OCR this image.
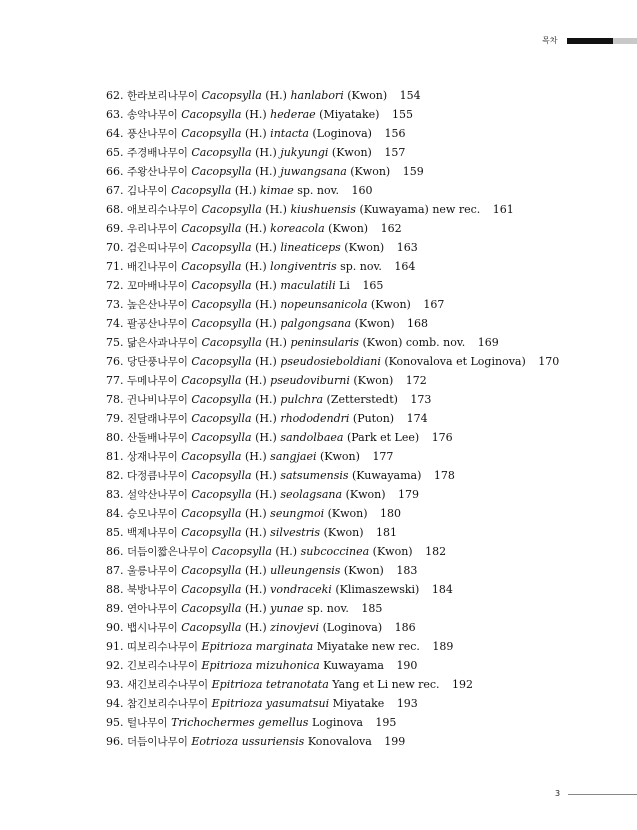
목차
62. 한라보리나무이 Cacopsylla (H.) hanlabori (Kwon) 154
63. 송악나무이 Cacopsylla (H.) hederae (Miyatake) 155
64. 풍산나무이 Cacopsylla (H.) intacta (Loginova) 156
65. 주경배나무이 Cacopsylla (H.) jukyungi (Kwon) 157
66. 주왕산나무이 Cacopsylla (H.) juwangsana (Kwon) 159
67. 김나무이 Cacopsylla (H.) kimae sp. nov. 160
68. 애보리수나무이 Cacopsylla (H.) kiushuensis (Kuwayama) new rec. 161
69. 우리나무이 Cacopsylla (H.) koreacola (Kwon) 162
70. 검은띠나무이 Cacopsylla (H.) lineaticeps (Kwon) 163
71. 배긴나무이 Cacopsylla (H.) longiventris sp. nov. 164
72. 꼬마배나무이 Cacopsylla (H.) maculatili Li 165
73. 높은산나무이 Cacopsylla (H.) nopeunsanicola (Kwon) 167
74. 팔공산나무이 Cacopsylla (H.) palgongsana (Kwon) 168
75. 닮은사과나무이 Cacopsylla (H.) peninsularis (Kwon) comb. nov. 169
76. 당단풍나무이 Cacopsylla (H.) pseudosieboldiani (Konovalova et Loginova) 170
77. 두메나무이 Cacopsylla (H.) pseudoviburni (Kwon) 172
78. 귄나비나무이 Cacopsylla (H.) pulchra (Zetterstedt) 173
79. 진달래나무이 Cacopsylla (H.) rhododendri (Puton) 174
80. 산돌배나무이 Cacopsylla (H.) sandolbaea (Park et Lee) 176
81. 상재나무이 Cacopsylla (H.) sangjaei (Kwon) 177
82. 다정큼나무이 Cacopsylla (H.) satsumensis (Kuwayama) 178
83. 설악산나무이 Cacopsylla (H.) seolagsana (Kwon) 179
84. 승모나무이 Cacopsylla (H.) seungmoi (Kwon) 180
85. 백제나무이 Cacopsylla (H.) silvestris (Kwon) 181
86. 더듬이짧은나무이 Cacopsylla (H.) subcoccinea (Kwon) 182
87. 울릉나무이 Cacopsylla (H.) ulleungensis (Kwon) 183
88. 북방나무이 Cacopsylla (H.) vondraceki (Klimaszewski) 184
89. 연아나무이 Cacopsylla (H.) yunae sp. nov. 185
90. 뱁시나무이 Cacopsylla (H.) zinovjevi (Loginova) 186
91. 띠보리수나무이 Epitrioza marginata Miyatake new rec. 189
92. 긴보리수나무이 Epitrioza mizuhonica Kuwayama 190
93. 새긴보리수나무이 Epitrioza tetranotata Yang et Li new rec. 192
94. 참긴보리수나무이 Epitrioza yasumatsui Miyatake 193
95. 털나무이 Trichochermes gemellus Loginova 195
96. 더듬이나무이 Eotrioza ussuriensis Konovalova 199
3
